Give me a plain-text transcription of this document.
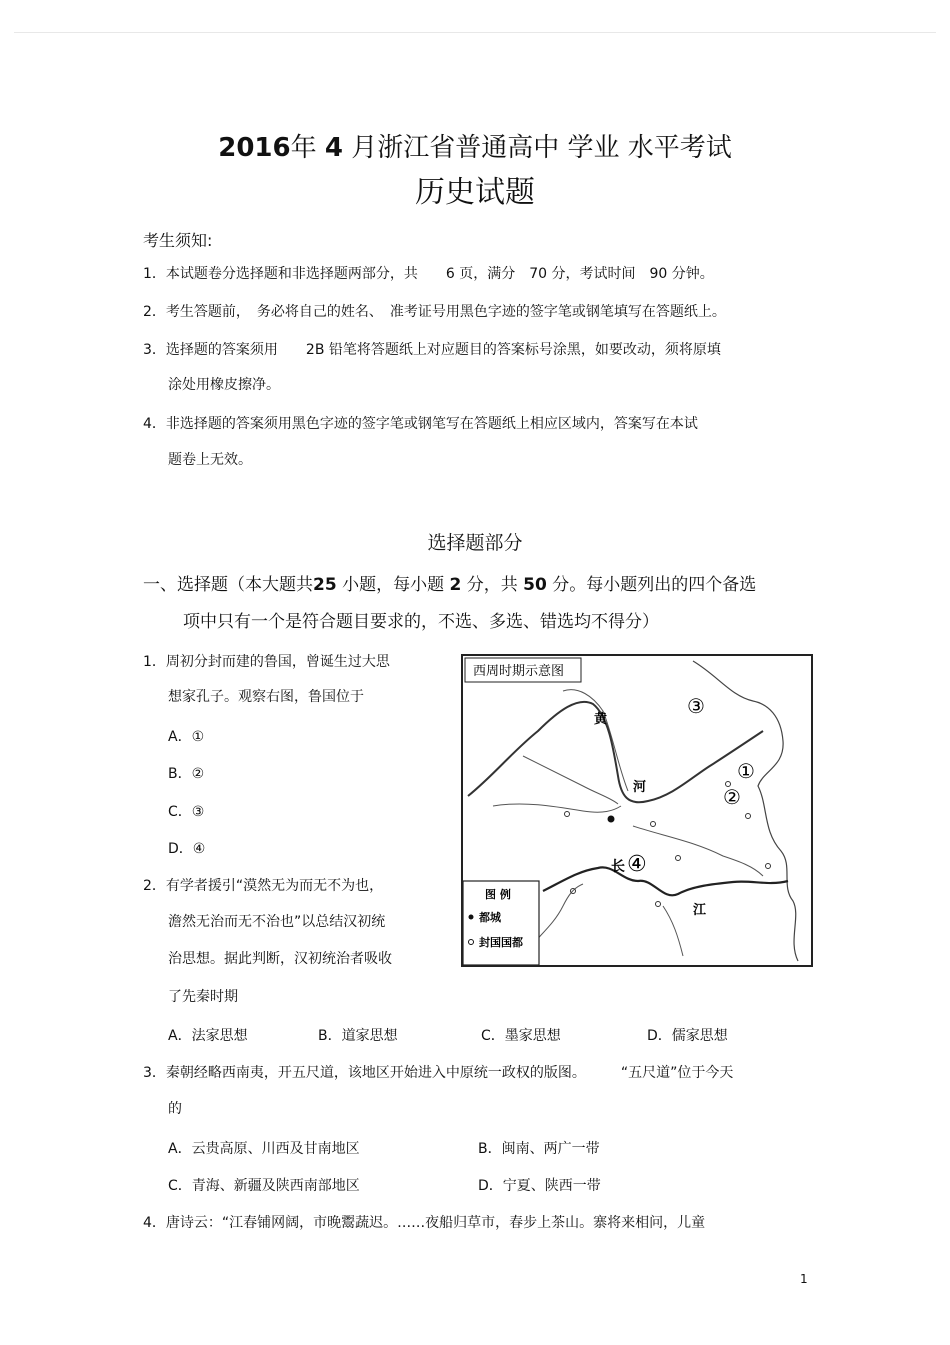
2016年 4 月浙江省普通高中 学业 水平考试
历史试题
考生须知:
1．本试题卷分选择题和非选择题两部分，共　　6 页，满分　70 分，考试时间　90 分钟。
2．考生答题前，　务必将自己的姓名、　准考证号用黑色字迹的签字笔或钢笔填写在答题纸上。
3．选择题的答案须用　　2B 铅笔将答题纸上对应题目的答案标号涂黑，如要改动，须将原填
涂处用橡皮擦净。
4．非选择题的答案须用黑色字迹的签字笔或钢笔写在答题纸上相应区域内，答案写在本试
题卷上无效。
选择题部分
一、选择题（本大题共25 小题，每小题 2 分，共 50 分。每小题列出的四个备选
项中只有一个是符合题目要求的，不选、多选、错选均不得分）
1．周初分封而建的鲁国，曾诞生过大思
想家孔子。观察右图，鲁国位于
A．①
B．②
C．③
D．④
2．有学者援引“漠然无为而无不为也，
澹然无治而无不治也”以总结汉初统
治思想。据此判断，汉初统治者吸收
了先秦时期
A．法家思想	B．道家思想	C．墨家思想	D．儒家思想
3．秦朝经略西南夷，开五尺道，该地区开始进入中原统一政权的版图。　　　“五尺道”位于今天
的
A．云贵高原、川西及甘南地区	B．闽南、两广一带
C．青海、新疆及陕西南部地区	D．宁夏、陕西一带
4．唐诗云：“江春铺网阔，市晚鬻蔬迟。……夜船归草市，春步上茶山。寨将来相问，儿童
西周时期示意图
黄
河
长
江
③
①
②
④
图 例
都城
封国国都
1
